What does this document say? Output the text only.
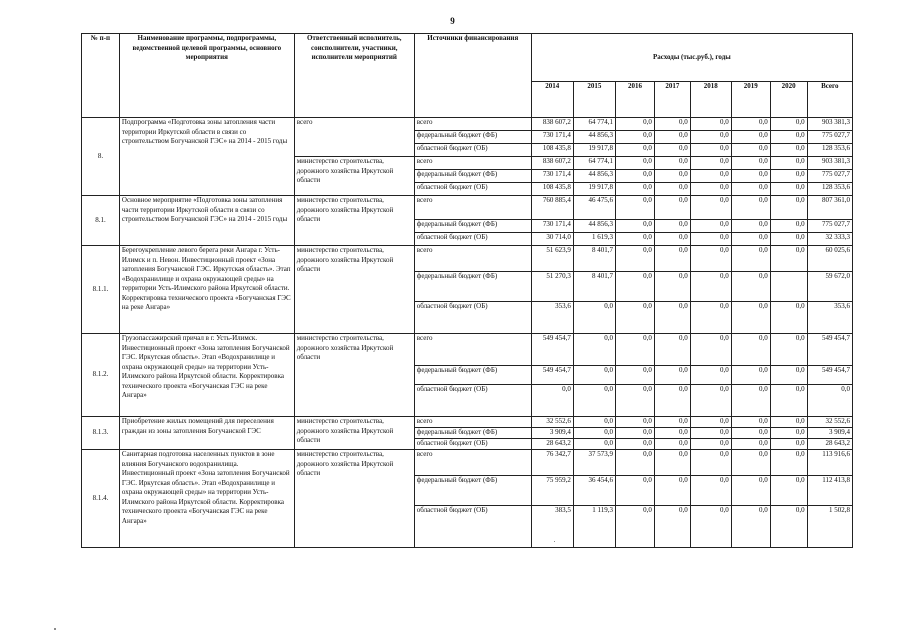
9
№ п-п	Наименование программы, подпрограммы, ведомственной целевой программы, основного мероприятия	Ответственный исполнитель, соисполнители, участники, исполнители мероприятий	Источники финансирования	Расходы (тыс.руб.), годы							
				2014	2015	2016	2017	2018	2019	2020	Всего
8.	Подпрограмма «Подготовка зоны затопления части территории Иркутской области в связи со строительством Богучанской ГЭС» на 2014 - 2015 годы	всего	всего	838 607,2	64 774,1	0,0	0,0	0,0	0,0	0,0	903 381,3
			федеральный бюджет (ФБ)	730 171,4	44 856,3	0,0	0,0	0,0	0,0	0,0	775 027,7
			областной бюджет (ОБ)	108 435,8	19 917,8	0,0	0,0	0,0	0,0	0,0	128 353,6
		министерство строительства, дорожного хозяйства Иркутской области	всего	838 607,2	64 774,1	0,0	0,0	0,0	0,0	0,0	903 381,3
			федеральный бюджет (ФБ)	730 171,4	44 856,3	0,0	0,0	0,0	0,0	0,0	775 027,7
			областной бюджет (ОБ)	108 435,8	19 917,8	0,0	0,0	0,0	0,0	0,0	128 353,6
8.1.	Основное мероприятие «Подготовка зоны затопления части территории Иркутской области в связи со строительством Богучанской ГЭС» на 2014 - 2015 годы	министерство строительства, дорожного хозяйства Иркутской области	всего	760 885,4	46 475,6	0,0	0,0	0,0	0,0	0,0	807 361,0
			федеральный бюджет (ФБ)	730 171,4	44 856,3	0,0	0,0	0,0	0,0	0,0	775 027,7
			областной бюджет (ОБ)	30 714,0	1 619,3	0,0	0,0	0,0	0,0	0,0	32 333,3
8.1.1.	Берегоукрепление левого берега реки Ангара г. Усть-Илимск и п. Невон. Инвестиционный проект «Зона затопления Богучанской ГЭС. Иркутская область». Этап «Водохранилище и охрана окружающей среды» на территории Усть-Илимского района Иркутской области. Корректировка технического проекта «Богучанская ГЭС на реке Ангара»	министерство строительства, дорожного хозяйства Иркутской области	всего	51 623,9	8 401,7	0,0	0,0	0,0	0,0	0,0	60 025,6
			федеральный бюджет (ФБ)	51 270,3	8 401,7	0,0	0,0	0,0	0,0		59 672,0
			областной бюджет (ОБ)	353,6	0,0	0,0	0,0	0,0	0,0	0,0	353,6
8.1.2.	Грузопассажирский причал в г. Усть-Илимск. Инвестиционный проект «Зона затопления Богучанской ГЭС. Иркутская область». Этап «Водохранилище и охрана окружающей среды» на территории Усть-Илимского района Иркутской области. Корректировка технического проекта «Богучанская ГЭС на реке Ангара»	министерство строительства, дорожного хозяйства Иркутской области	всего	549 454,7	0,0	0,0	0,0	0,0	0,0	0,0	549 454,7
			федеральный бюджет (ФБ)	549 454,7	0,0	0,0	0,0	0,0	0,0	0,0	549 454,7
			областной бюджет (ОБ)	0,0	0,0	0,0	0,0	0,0	0,0	0,0	0,0
8.1.3.	Приобретение жилых помещений для переселения граждан из зоны затопления Богучанской ГЭС	министерство строительства, дорожного хозяйства Иркутской области	всего	32 552,6	0,0	0,0	0,0	0,0	0,0	0,0	32 552,6
			федеральный бюджет (ФБ)	3 909,4	0,0	0,0	0,0	0,0	0,0	0,0	3 909,4
			областной бюджет (ОБ)	28 643,2	0,0	0,0	0,0	0,0	0,0	0,0	28 643,2
8.1.4.	Санитарная подготовка населенных пунктов в зоне влияния Богучанского водохранилища. Инвестиционный проект «Зона затопления Богучанской ГЭС. Иркутская область». Этап «Водохранилище и охрана окружающей среды» на территории Усть-Илимского района Иркутской области. Корректировка технического проекта «Богучанская ГЭС на реке Ангара»	министерство строительства, дорожного хозяйства Иркутской области	всего	76 342,7	37 573,9	0,0	0,0	0,0	0,0	0,0	113 916,6
			федеральный бюджет (ФБ)	75 959,2	36 454,6	0,0	0,0	0,0	0,0	0,0	112 413,8
			областной бюджет (ОБ)	383,5	1 119,3	0,0	0,0	0,0	0,0	0,0	1 502,8
